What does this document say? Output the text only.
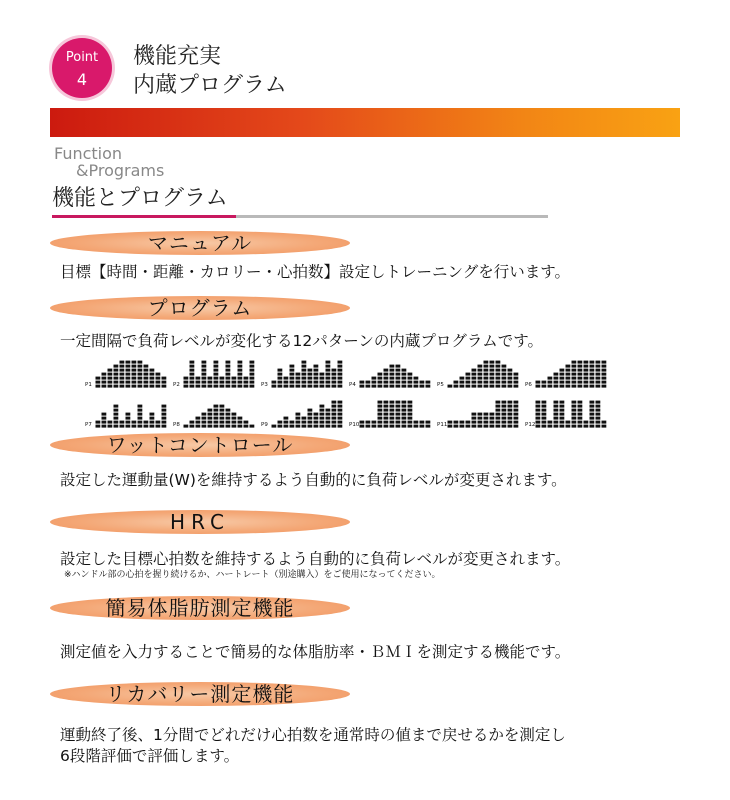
Point
4
機能充実
内蔵プログラム
Function
&Programs
機能とプログラム
マニュアル
目標【時間・距離・カロリー・心拍数】設定しトレーニングを行います。
プログラム
一定間隔で負荷レベルが変化する12パターンの内蔵プログラムです。
P1	P2	P3	P4	P5	P6
P7	P8	P9	P10	P11	P12
ワットコントロール
設定した運動量(W)を維持するよう自動的に負荷レベルが変更されます。
HRC
設定した目標心拍数を維持するよう自動的に負荷レベルが変更されます。
※ハンドル部の心拍を握り続けるか、ハートレート（別途購入）をご使用になってください。
簡易体脂肪測定機能
測定値を入力することで簡易的な体脂肪率・ＢＭＩを測定する機能です。
リカバリー測定機能
運動終了後、1分間でどれだけ心拍数を通常時の値まで戻せるかを測定し
6段階評価で評価します。
